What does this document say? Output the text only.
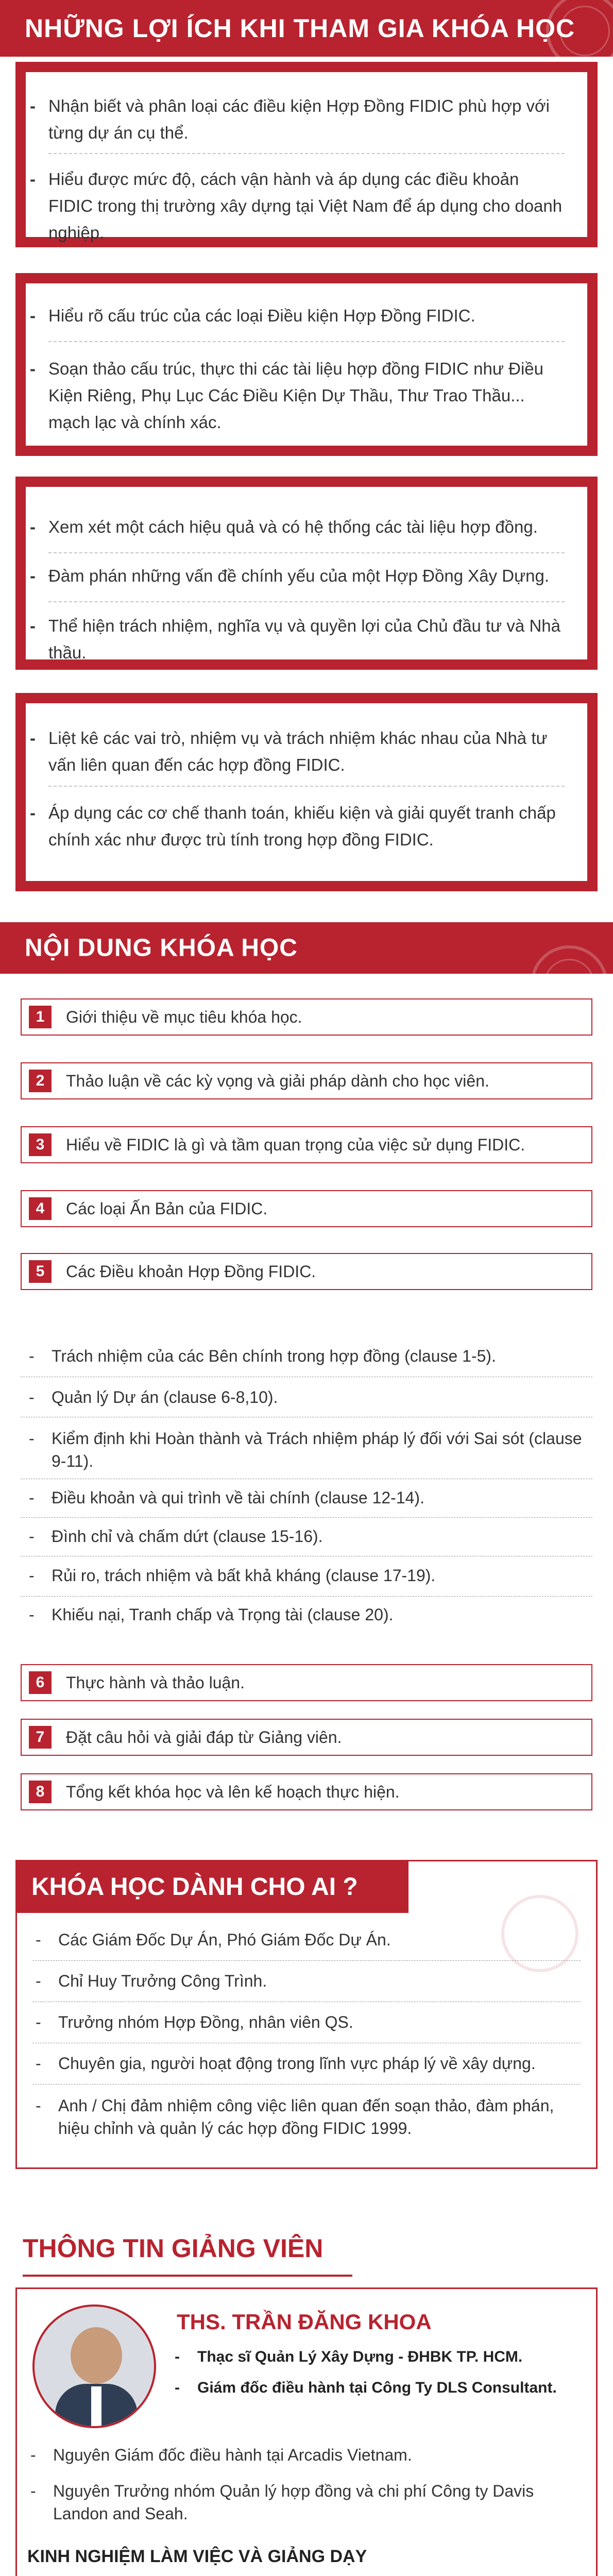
NHỮNG LỢI ÍCH KHI THAM GIA KHÓA HỌC
- Nhận biết và phân loại các điều kiện Hợp Đồng FIDIC phù hợp với từng dự án cụ thể.
- Hiểu được mức độ, cách vận hành và áp dụng các điều khoản FIDIC trong thị trường xây dựng tại Việt Nam để áp dụng cho doanh nghiệp.
- Hiểu rõ cấu trúc của các loại Điều kiện Hợp Đồng FIDIC.
- Soạn thảo cấu trúc, thực thi các tài liệu hợp đồng FIDIC như Điều Kiện Riêng, Phụ Lục Các Điều Kiện Dự Thầu, Thư Trao Thầu... mạch lạc và chính xác.
- Xem xét một cách hiệu quả và có hệ thống các tài liệu hợp đồng.
- Đàm phán những vấn đề chính yếu của một Hợp Đồng Xây Dựng.
- Thể hiện trách nhiệm, nghĩa vụ và quyền lợi của Chủ đầu tư và Nhà thầu.
- Liệt kê các vai trò, nhiệm vụ và trách nhiệm khác nhau của Nhà tư vấn liên quan đến các hợp đồng FIDIC.
- Áp dụng các cơ chế thanh toán, khiếu kiện và giải quyết tranh chấp chính xác như được trù tính trong hợp đồng FIDIC.
NỘI DUNG KHÓA HỌC
1	Giới thiệu về mục tiêu khóa học.
2	Thảo luận về các kỳ vọng và giải pháp dành cho học viên.
3	Hiểu về FIDIC là gì và tầm quan trọng của việc sử dụng FIDIC.
4	Các loại Ấn Bản của FIDIC.
5	Các Điều khoản Hợp Đồng FIDIC.
- Trách nhiệm của các Bên chính trong hợp đồng (clause 1-5).
- Quản lý Dự án (clause 6-8,10).
- Kiểm định khi Hoàn thành và Trách nhiệm pháp lý đối với Sai sót (clause 9-11).
- Điều khoản và qui trình về tài chính (clause 12-14).
- Đình chỉ và chấm dứt (clause 15-16).
- Rủi ro, trách nhiệm và bất khả kháng (clause 17-19).
- Khiếu nại, Tranh chấp và Trọng tài (clause 20).
6	Thực hành và thảo luận.
7	Đặt câu hỏi và giải đáp từ Giảng viên.
8	Tổng kết khóa học và lên kế hoạch thực hiện.
KHÓA HỌC DÀNH CHO AI ?
- Các Giám Đốc Dự Án, Phó Giám Đốc Dự Án.
- Chỉ Huy Trưởng Công Trình.
- Trưởng nhóm Hợp Đồng, nhân viên QS.
- Chuyên gia, người hoạt động trong lĩnh vực pháp lý về xây dựng.
- Anh / Chị đảm nhiệm công việc liên quan đến soạn thảo, đàm phán, hiệu chỉnh và quản lý các hợp đồng FIDIC 1999.
THÔNG TIN GIẢNG VIÊN
THS. TRẦN ĐĂNG KHOA
- Thạc sĩ Quản Lý Xây Dựng - ĐHBK TP. HCM.
- Giám đốc điều hành tại Công Ty DLS Consultant.
- Nguyên Giám đốc điều hành tại Arcadis Vietnam.
- Nguyên Trưởng nhóm Quản lý hợp đồng và chi phí Công ty Davis Landon and Seah.
KINH NGHIỆM LÀM VIỆC VÀ GIẢNG DẠY
